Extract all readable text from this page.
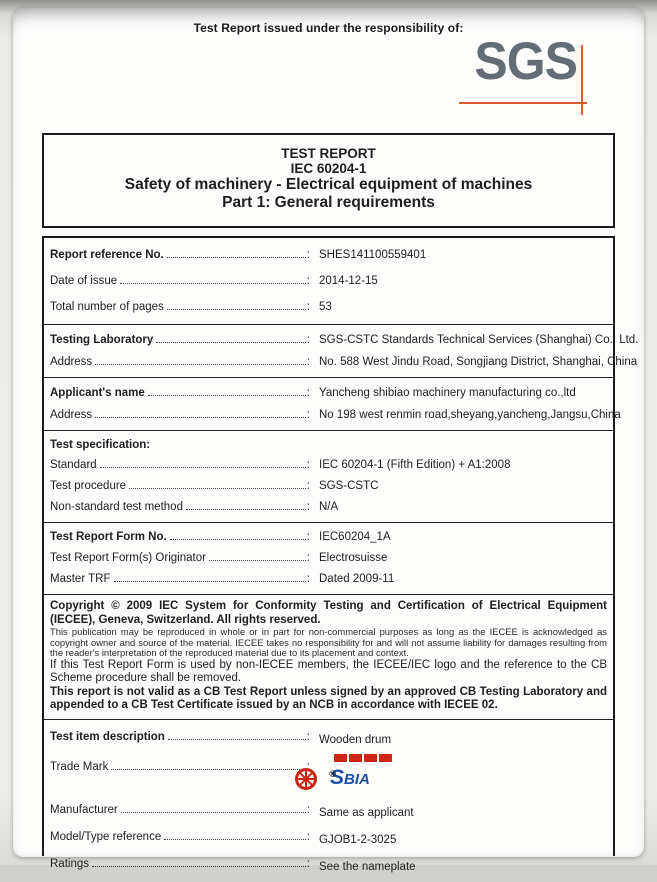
Test Report issued under the responsibility of:
SGS
TEST REPORT
IEC 60204-1
Safety of machinery - Electrical equipment of machines
Part 1: General requirements
Report reference No.	: SHES141100559401
Date of issue	: 2014-12-15
Total number of pages	: 53
Testing Laboratory	: SGS-CSTC Standards Technical Services (Shanghai) Co., Ltd.
Address	: No. 588 West Jindu Road, Songjiang District, Shanghai, China
Applicant's name	: Yancheng shibiao machinery manufacturing co.,ltd
Address	: No 198 west renmin road,sheyang,yancheng,Jangsu,China
Test specification:
Standard	: IEC 60204-1 (Fifth Edition) + A1:2008
Test procedure	: SGS-CSTC
Non-standard test method	: N/A
Test Report Form No.	: IEC60204_1A
Test Report Form(s) Originator	: Electrosuisse
Master TRF	: Dated 2009-11
Copyright © 2009 IEC System for Conformity Testing and Certification of Electrical Equipment (IECEE), Geneva, Switzerland. All rights reserved.
This publication may be reproduced in whole or in part for non-commercial purposes as long as the IECEE is acknowledged as copyright owner and source of the material. IECEE takes no responsibility for and will not assume liability for damages resulting from the reader's interpretation of the reproduced material due to its placement and context.
If this Test Report Form is used by non-IECEE members, the IECEE/IEC logo and the reference to the CB Scheme procedure shall be removed.
This report is not valid as a CB Test Report unless signed by an approved CB Testing Laboratory and appended to a CB Test Certificate issued by an NCB in accordance with IECEE 02.
Test item description	: Wooden drum
Trade Mark	:
®
Manufacturer	: Same as applicant
Model/Type reference	: GJOB1-2-3025
Ratings	: See the nameplate
